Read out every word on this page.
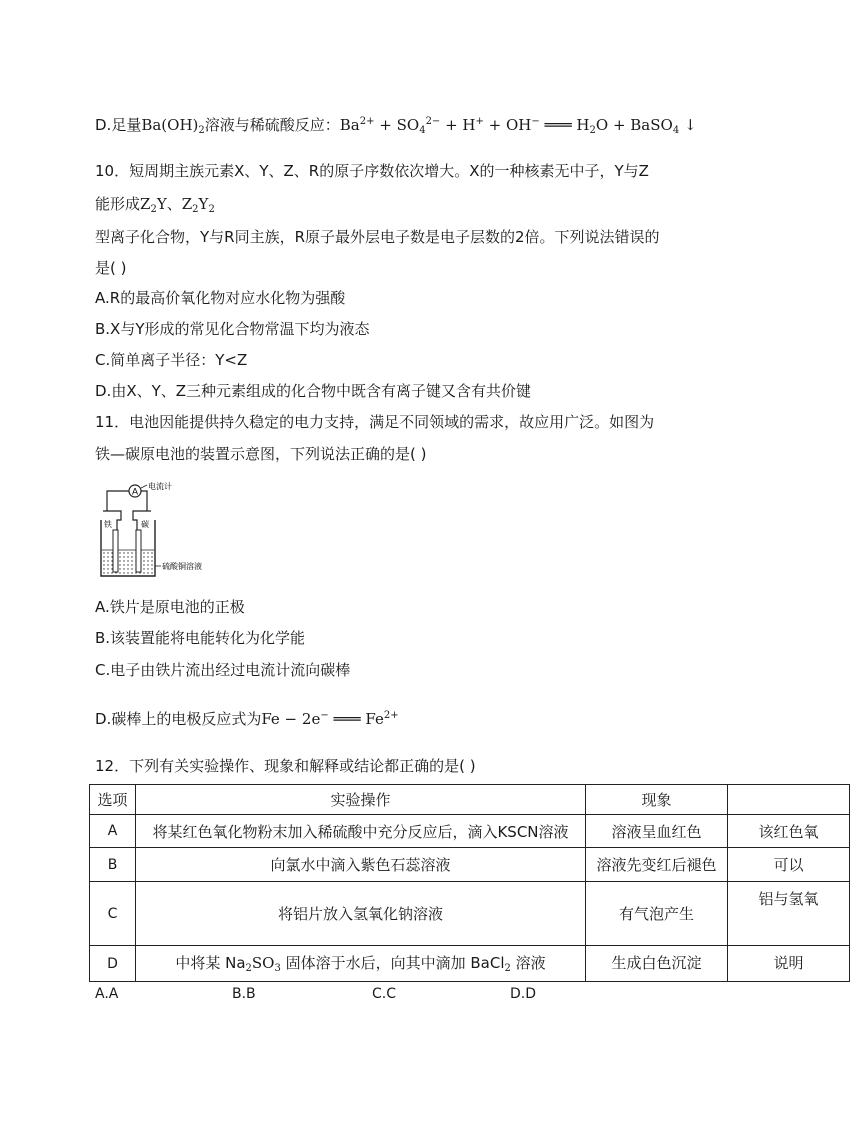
D.足量$Ba(OH)_2$溶液与稀硫酸反应：$Ba^{2+} + SO_4^{2-} + H^+ + OH^-$ ═══ $H_2O$ + BaSO$_4$ ↓
10．短周期主族元素X、Y、Z、R的原子序数依次增大。X的一种核素无中子，Y与Z
能形成$Z_2Y$、$Z_2Y_2$
型离子化合物，Y与R同主族，R原子最外层电子数是电子层数的2倍。下列说法错误的
是( )
A.R的最高价氧化物对应水化物为强酸
B.X与Y形成的常见化合物常温下均为液态
C.简单离子半径：Y<Z
D.由X、Y、Z三种元素组成的化合物中既含有离子键又含有共价键
11．电池因能提供持久稳定的电力支持，满足不同领域的需求，故应用广泛。如图为
铁—碳原电池的装置示意图，下列说法正确的是( )
A 电流计
铁	碳
硫酸铜溶液
A.铁片是原电池的正极
B.该装置能将电能转化为化学能
C.电子由铁片流出经过电流计流向碳棒
D.碳棒上的电极反应式为Fe − 2e− ═══ $Fe^{2+}$
12．下列有关实验操作、现象和解释或结论都正确的是( )
选项	实验操作	现象	
A	将某红色氧化物粉末加入稀硫酸中充分反应后，滴入KSCN溶液	溶液呈血红色	该红色氧
B	向氯水中滴入紫色石蕊溶液	溶液先变红后褪色	可以
C	将铝片放入氢氧化钠溶液	有气泡产生	铝与氢氧
D	中将某 $Na_2SO_3$ 固体溶于水后，向其中滴加 BaCl$_2$ 溶液	生成白色沉淀	说明
A.A	B.B	C.C	D.D
